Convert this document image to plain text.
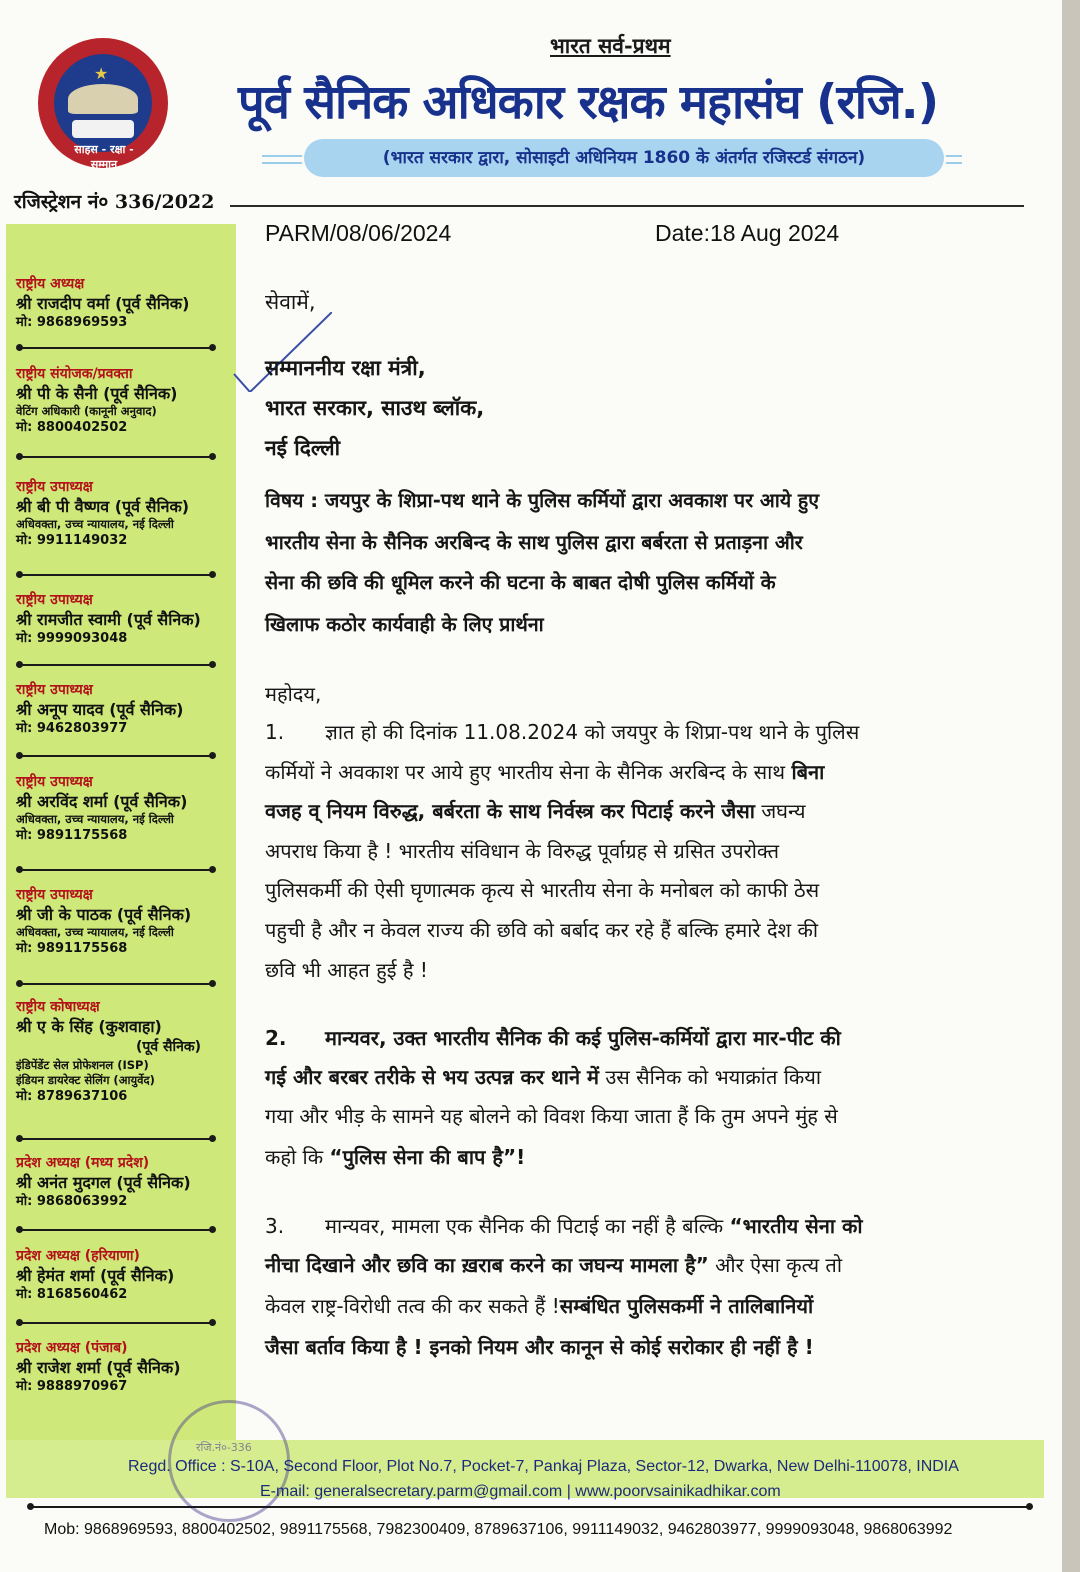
★
साहस - रक्षा - सम्मान
भारत सर्व-प्रथम
पूर्व सैनिक अधिकार रक्षक महासंघ (रजि.)
(भारत सरकार द्वारा, सोसाइटी अधिनियम 1860 के अंतर्गत रजिस्टर्ड संगठन)
रजिस्ट्रेशन नं० 336/2022
राष्ट्रीय अध्यक्ष
श्री राजदीप वर्मा (पूर्व सैनिक)
मो: 9868969593
राष्ट्रीय संयोजक/प्रवक्ता
श्री पी के सैनी (पूर्व सैनिक)
वेटिंग अधिकारी (कानूनी अनुवाद)
मो: 8800402502
राष्ट्रीय उपाध्यक्ष
श्री बी पी वैष्णव (पूर्व सैनिक)
अधिवक्ता, उच्च न्यायालय, नई दिल्ली
मो: 9911149032
राष्ट्रीय उपाध्यक्ष
श्री रामजीत स्वामी (पूर्व सैनिक)
मो: 9999093048
राष्ट्रीय उपाध्यक्ष
श्री अनूप यादव (पूर्व सैनिक)
मो: 9462803977
राष्ट्रीय उपाध्यक्ष
श्री अरविंद शर्मा (पूर्व सैनिक)
अधिवक्ता, उच्च न्यायालय, नई दिल्ली
मो: 9891175568
राष्ट्रीय उपाध्यक्ष
श्री जी के पाठक (पूर्व सैनिक)
अधिवक्ता, उच्च न्यायालय, नई दिल्ली
मो: 9891175568
राष्ट्रीय कोषाध्यक्ष
श्री ए के सिंह (कुशवाहा)
(पूर्व सैनिक)
इंडिपेंडेंट सेल प्रोफेशनल (ISP)
इंडियन डायरेक्ट सेलिंग (आयुर्वेद)
मो: 8789637106
प्रदेश अध्यक्ष (मध्य प्रदेश)
श्री अनंत मुदगल (पूर्व सैनिक)
मो: 9868063992
प्रदेश अध्यक्ष (हरियाणा)
श्री हेमंत शर्मा (पूर्व सैनिक)
मो: 8168560462
प्रदेश अध्यक्ष (पंजाब)
श्री राजेश शर्मा (पूर्व सैनिक)
मो: 9888970967
PARM/08/06/2024	Date:18 Aug 2024
सेवामें,
सम्माननीय रक्षा मंत्री,
भारत सरकार, साउथ ब्लॉक,
नई दिल्ली
विषय : जयपुर के शिप्रा-पथ थाने के पुलिस कर्मियों द्वारा अवकाश पर आये हुए
भारतीय सेना के सैनिक अरबिन्द के साथ पुलिस द्वारा बर्बरता से प्रताड़ना और
सेना की छवि की धूमिल करने की घटना के बाबत दोषी पुलिस कर्मियों के
खिलाफ कठोर कार्यवाही के लिए प्रार्थना
महोदय,
1. ज्ञात हो की दिनांक 11.08.2024 को जयपुर के शिप्रा-पथ थाने के पुलिस
कर्मियों ने अवकाश पर आये हुए भारतीय सेना के सैनिक अरबिन्द के साथ बिना
वजह व् नियम विरुद्ध, बर्बरता के साथ निर्वस्त्र कर पिटाई करने जैसा जघन्य
अपराध किया है ! भारतीय संविधान के विरुद्ध पूर्वाग्रह से ग्रसित उपरोक्त
पुलिसकर्मी की ऐसी घृणात्मक कृत्य से भारतीय सेना के मनोबल को काफी ठेस
पहुची है और न केवल राज्य की छवि को बर्बाद कर रहे हैं बल्कि हमारे देश की
छवि भी आहत हुई है !
2. मान्यवर, उक्त भारतीय सैनिक की कई पुलिस-कर्मियों द्वारा मार-पीट की
गई और बरबर तरीके से भय उत्पन्न कर थाने में उस सैनिक को भयाक्रांत किया
गया और भीड़ के सामने यह बोलने को विवश किया जाता हैं कि तुम अपने मुंह से
कहो कि “पुलिस सेना की बाप है”!
3. मान्यवर, मामला एक सैनिक की पिटाई का नहीं है बल्कि “भारतीय सेना को
नीचा दिखाने और छवि का ख़राब करने का जघन्य मामला है” और ऐसा कृत्य तो
केवल राष्ट्र-विरोधी तत्व की कर सकते हैं !सम्बंधित पुलिसकर्मी ने तालिबानियों
जैसा बर्ताव किया है ! इनको नियम और कानून से कोई सरोकार ही नहीं है !
रजि.नं०-336
Regd. Office : S-10A, Second Floor, Plot No.7, Pocket-7, Pankaj Plaza, Sector-12, Dwarka, New Delhi-110078, INDIA
E-mail: generalsecretary.parm@gmail.com | www.poorvsainikadhikar.com
Mob: 9868969593, 8800402502, 9891175568, 7982300409, 8789637106, 9911149032, 9462803977, 9999093048, 9868063992
